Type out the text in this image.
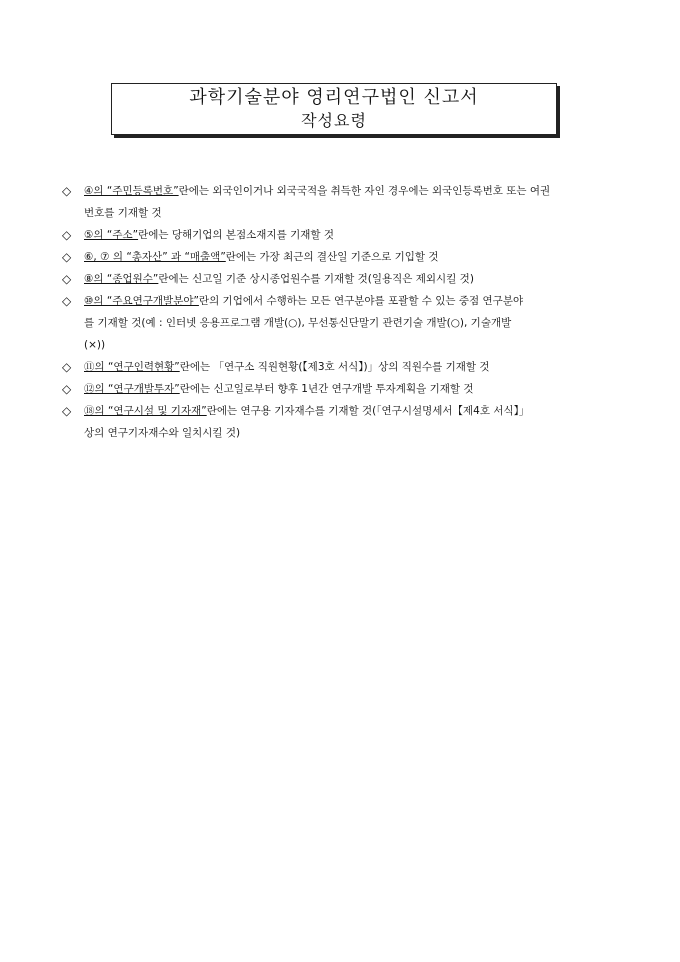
과학기술분야 영리연구법인 신고서
작성요령
◇ ④의 “주민등록번호”란에는 외국인이거나 외국국적을 취득한 자인 경우에는 외국인등록번호 또는 여권
번호를 기재할 것
◇ ⑤의 “주소”란에는 당해기업의 본점소재지를 기재할 것
◇ ⑥, ⑦ 의 “총자산” 과 “매출액”란에는 가장 최근의 결산일 기준으로 기입할 것
◇ ⑧의 “종업원수”란에는 신고일 기준 상시종업원수를 기재할 것(일용직은 제외시킬 것)
◇ ⑩의 “주요연구개발분야”란의 기업에서 수행하는 모든 연구분야를 포괄할 수 있는 중점 연구분야
를 기재할 것(예 : 인터넷 응용프로그램 개발(○), 무선통신단말기 관련기술 개발(○), 기술개발
(×))
◇ ⑪의 “연구인력현황”란에는 「연구소 직원현황(【제3호 서식】)」상의 직원수를 기재할 것
◇ ⑫의 “연구개발투자”란에는 신고일로부터 향후 1년간 연구개발 투자계획을 기재할 것
◇ ⑱의 “연구시설 및 기자재”란에는 연구용 기자재수를 기재할 것(「연구시설명세서【제4호 서식】」
상의 연구기자재수와 일치시킬 것)
